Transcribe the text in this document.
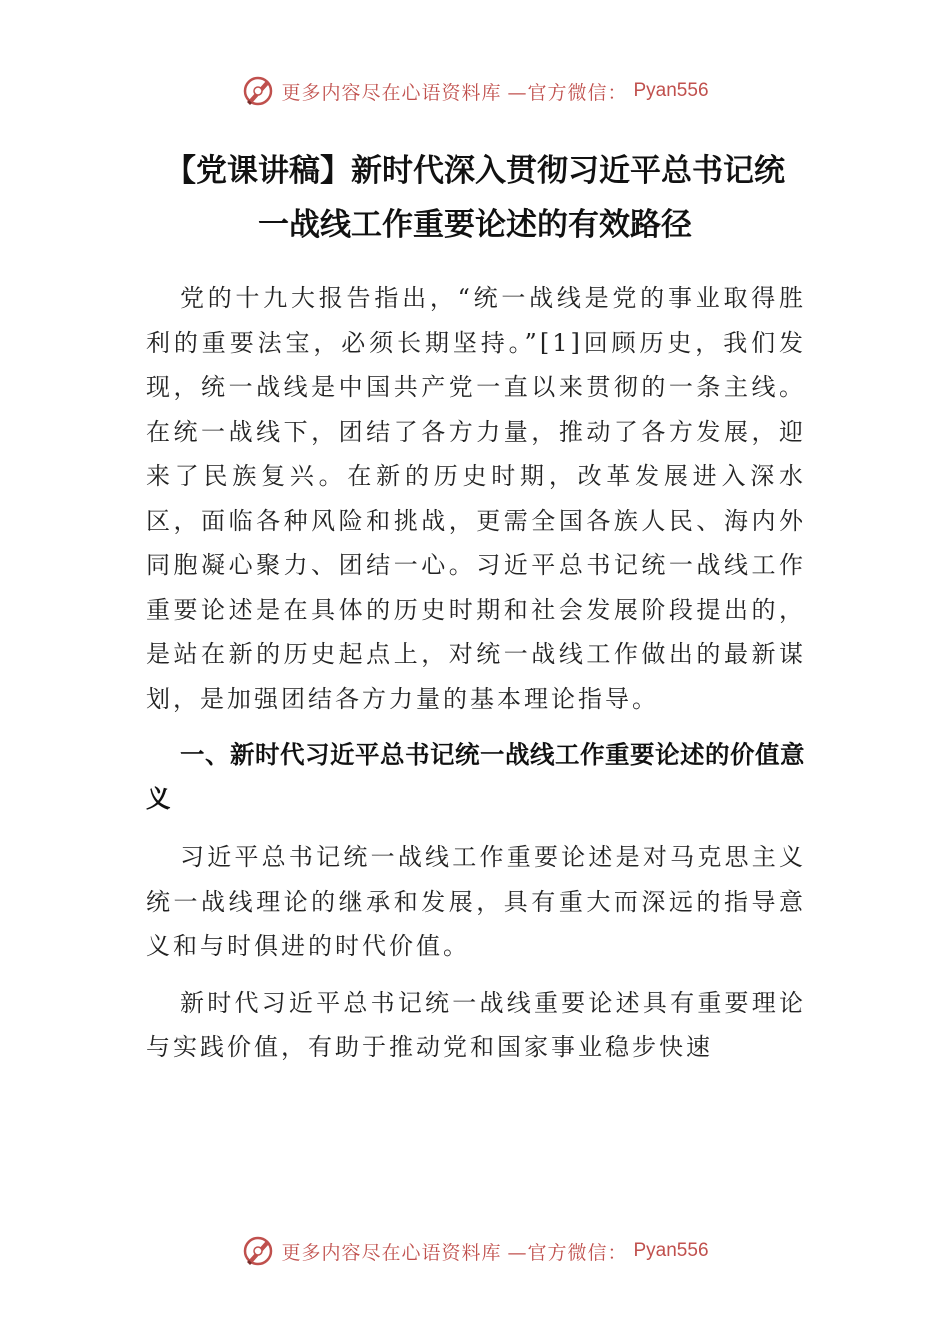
更多内容尽在心语资料库 —官方微信： Pyan556
【党课讲稿】新时代深入贯彻习近平总书记统
一战线工作重要论述的有效路径

党的十九大报告指出，“统一战线是党的事业取得胜利的重要法宝，必须长期坚持。”[1]回顾历史，我们发现，统一战线是中国共产党一直以来贯彻的一条主线。在统一战线下，团结了各方力量，推动了各方发展，迎来了民族复兴。在新的历史时期，改革发展进入深水区，面临各种风险和挑战，更需全国各族人民、海内外同胞凝心聚力、团结一心。习近平总书记统一战线工作重要论述是在具体的历史时期和社会发展阶段提出的，是站在新的历史起点上，对统一战线工作做出的最新谋划，是加强团结各方力量的基本理论指导。

一、新时代习近平总书记统一战线工作重要论述的价值意义

习近平总书记统一战线工作重要论述是对马克思主义统一战线理论的继承和发展，具有重大而深远的指导意义和与时俱进的时代价值。

新时代习近平总书记统一战线重要论述具有重要理论与实践价值，有助于推动党和国家事业稳步快速

更多内容尽在心语资料库 —官方微信： Pyan556
